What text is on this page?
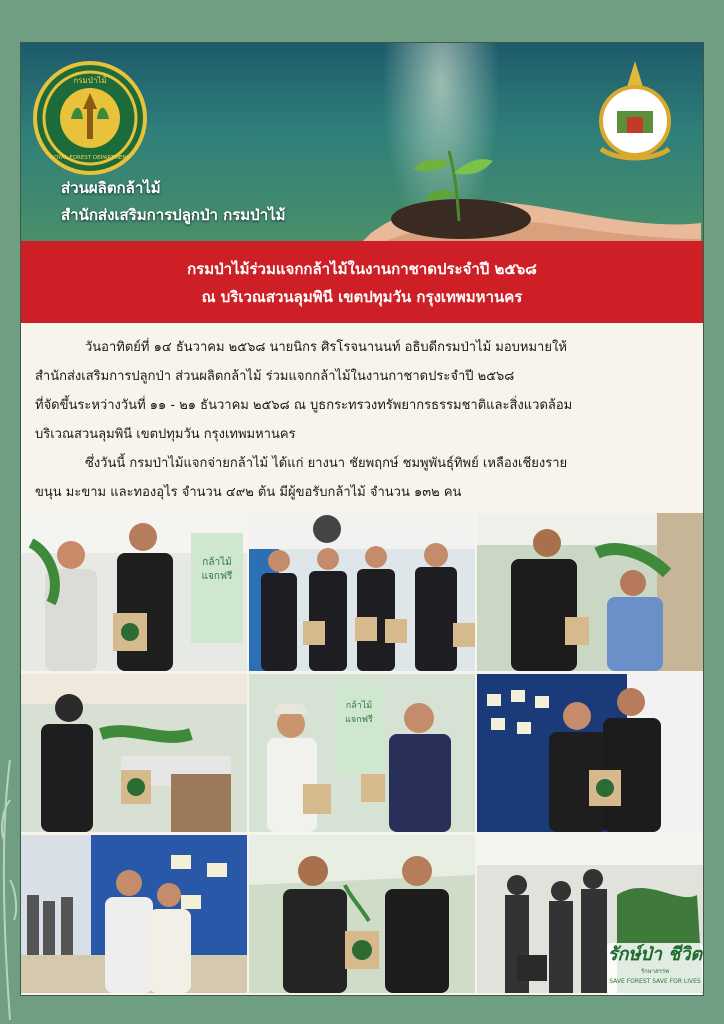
กรมป่าไม้
ROYAL FOREST DEPARTMENT
ส่วนผลิตกล้าไม้
สำนักส่งเสริมการปลูกป่า กรมป่าไม้
กรมป่าไม้ร่วมแจกกล้าไม้ในงานกาชาดประจำปี ๒๕๖๘
ณ บริเวณสวนลุมพินี เขตปทุมวัน กรุงเทพมหานคร

วันอาทิตย์ที่ ๑๔ ธันวาคม ๒๕๖๘ นายนิกร ศิรโรจนานนท์ อธิบดีกรมป่าไม้ มอบหมายให้

สำนักส่งเสริมการปลูกป่า ส่วนผลิตกล้าไม้ ร่วมแจกกล้าไม้ในงานกาชาดประจำปี ๒๕๖๘

ที่จัดขึ้นระหว่างวันที่ ๑๑ - ๒๑ ธันวาคม ๒๕๖๘ ณ บูธกระทรวงทรัพยากรธรรมชาติและสิ่งแวดล้อม

บริเวณสวนลุมพินี เขตปทุมวัน กรุงเทพมหานคร

ซึ่งวันนี้ กรมป่าไม้แจกจ่ายกล้าไม้ ได้แก่ ยางนา ชัยพฤกษ์ ชมพูพันธุ์ทิพย์ เหลืองเชียงราย

ขนุน มะขาม และทองอุไร จำนวน ๔๙๒ ต้น มีผู้ขอรับกล้าไม้ จำนวน ๑๓๒ คน

กล้าไม้
แจกฟรี
กล้าไม้
แจกฟรี
รักษ์ป่า ชีวิต
รักษาสรรพ
SAVE FOREST SAVE FOR LIVES
